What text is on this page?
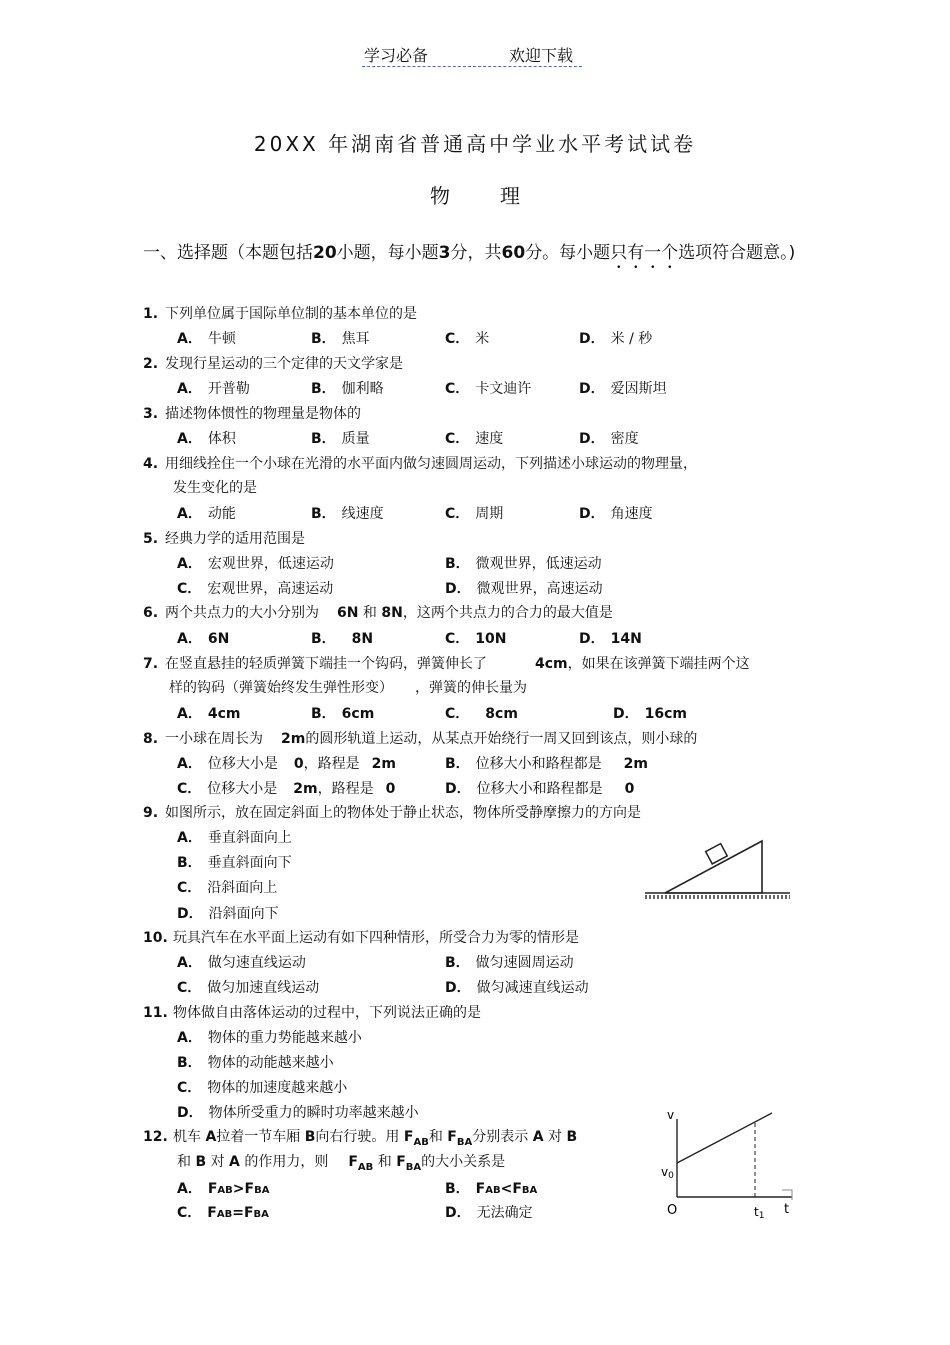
学习必备	欢迎下载
20XX 年湖南省普通高中学业水平考试试卷
物理
一、选择题（本题包括20小题，每小题3分，共60分。每小题只有一个选项符合题意。)
1. 下列单位属于国际单位制的基本单位的是
A． 牛顿	B． 焦耳	C． 米	D． 米 / 秒
2. 发现行星运动的三个定律的天文学家是
A． 开普勒	B． 伽利略	C． 卡文迪许	D． 爱因斯坦
3. 描述物体惯性的物理量是物体的
A． 体积	B． 质量	C． 速度	D． 密度
4. 用细线拴住一个小球在光滑的水平面内做匀速圆周运动，下列描述小球运动的物理量，
发生变化的是
A． 动能	B． 线速度	C． 周期	D． 角速度
5. 经典力学的适用范围是
A． 宏观世界，低速运动	B． 微观世界，低速运动
C． 宏观世界，高速运动	D． 微观世界，高速运动
6. 两个共点力的大小分别为 6N 和 8N，这两个共点力的合力的最大值是
A． 6N	B． 8N	C． 10N	D． 14N
7. 在竖直悬挂的轻质弹簧下端挂一个钩码，弹簧伸长了	4cm，如果在该弹簧下端挂两个这
样的钩码（弹簧始终发生弹性形变） ，弹簧的伸长量为
A． 4cm	B． 6cm	C． 8cm	D． 16cm
8. 一小球在周长为 2m的圆形轨道上运动，从某点开始绕行一周又回到该点，则小球的
A． 位移大小是 0，路程是 2m	B． 位移大小和路程都是 2m
C． 位移大小是 2m，路程是 0	D． 位移大小和路程都是 0
9. 如图所示，放在固定斜面上的物体处于静止状态，物体所受静摩擦力的方向是
A． 垂直斜面向上
B． 垂直斜面向下
C． 沿斜面向上
D． 沿斜面向下
10. 玩具汽车在水平面上运动有如下四种情形，所受合力为零的情形是
A． 做匀速直线运动	B． 做匀速圆周运动
C． 做匀加速直线运动	D． 做匀减速直线运动
11. 物体做自由落体运动的过程中，下列说法正确的是
A． 物体的重力势能越来越小
B． 物体的动能越来越小
C． 物体的加速度越来越小
D． 物体所受重力的瞬时功率越来越小
12. 机车 A拉着一节车厢 B向右行驶。用 $F_{AB}$和 $F_{BA}$分别表示 A 对 B
和 B 对 A 的作用力，则 $F_{AB}$ 和 $F_{BA}$的大小关系是
A． FAB>FBA	B． FAB<FBA
C． FAB=FBA	D． 无法确定
v
v0
O	t1 t
